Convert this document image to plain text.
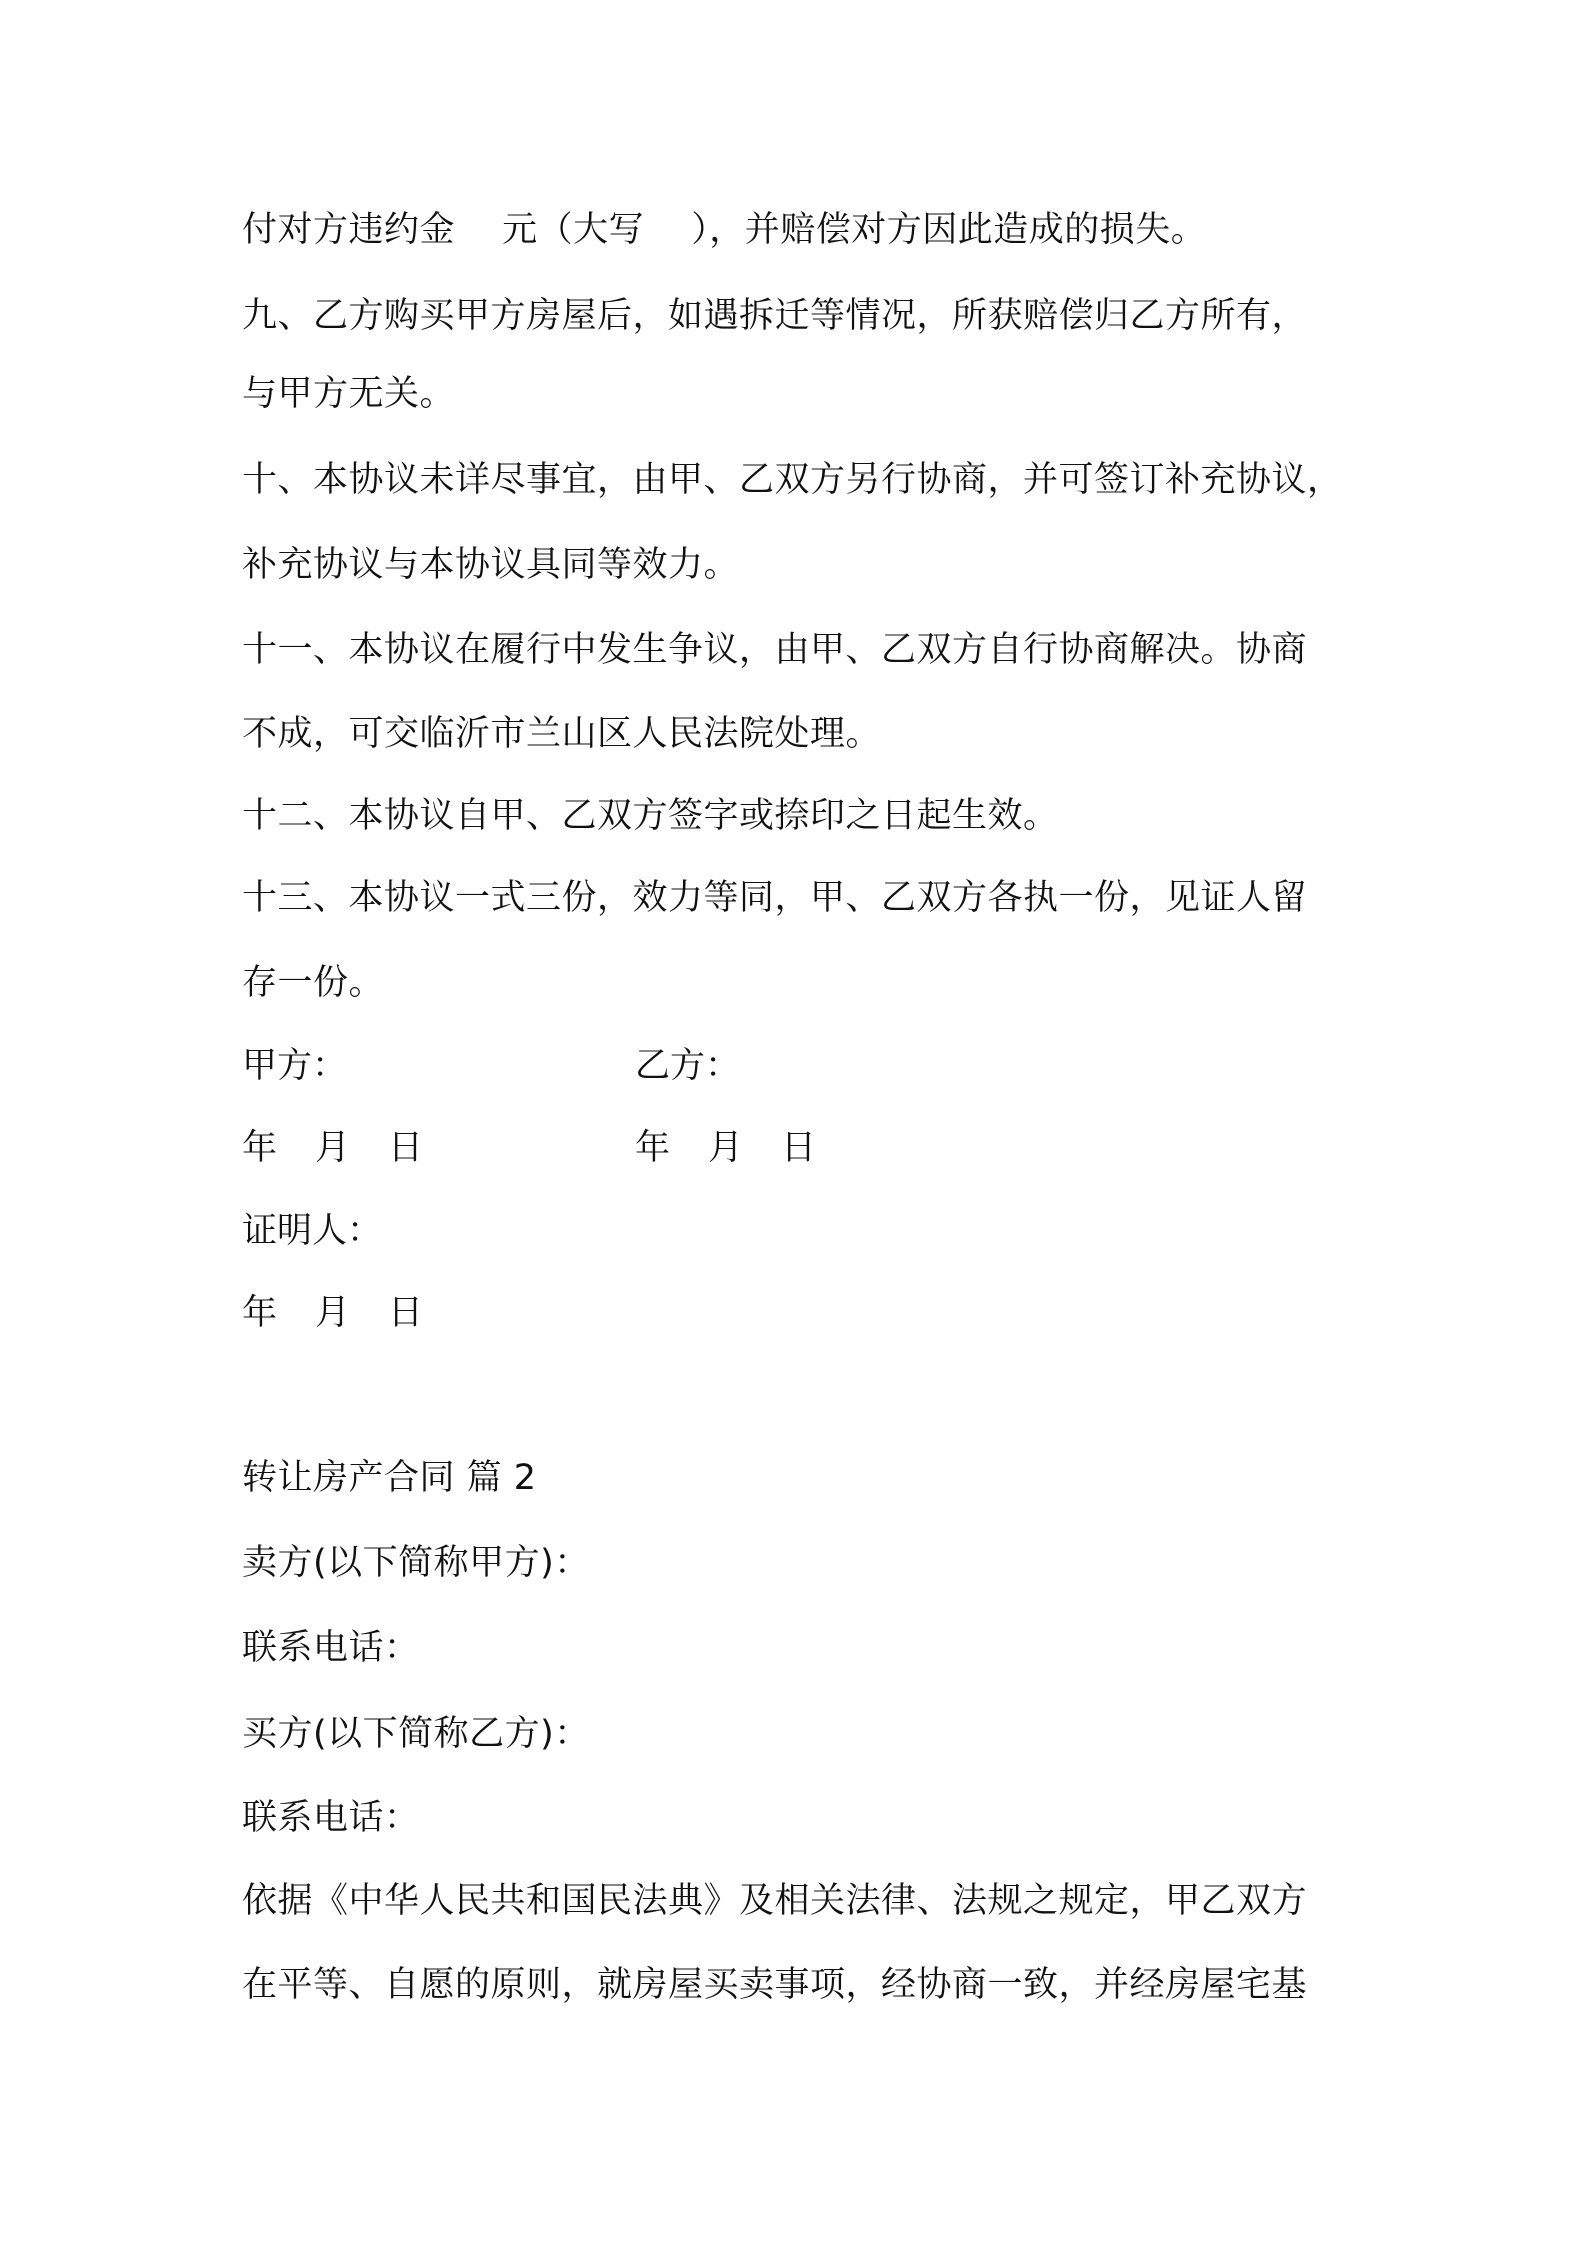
付对方违约金　 元（大写　 ），并赔偿对方因此造成的损失。
九、乙方购买甲方房屋后，如遇拆迁等情况，所获赔偿归乙方所有，
与甲方无关。
十、本协议未详尽事宜，由甲、乙双方另行协商，并可签订补充协议，
补充协议与本协议具同等效力。
十一、本协议在履行中发生争议，由甲、乙双方自行协商解决。协商
不成，可交临沂市兰山区人民法院处理。
十二、本协议自甲、乙双方签字或捺印之日起生效。
十三、本协议一式三份，效力等同，甲、乙双方各执一份，见证人留
存一份。
甲方：	乙方：
年 月 日	年 月 日
证明人：
年 月 日
转让房产合同 篇 2
卖方(以下简称甲方)：
联系电话：
买方(以下简称乙方)：
联系电话：
依据《中华人民共和国民法典》及相关法律、法规之规定，甲乙双方
在平等、自愿的原则，就房屋买卖事项，经协商一致，并经房屋宅基
